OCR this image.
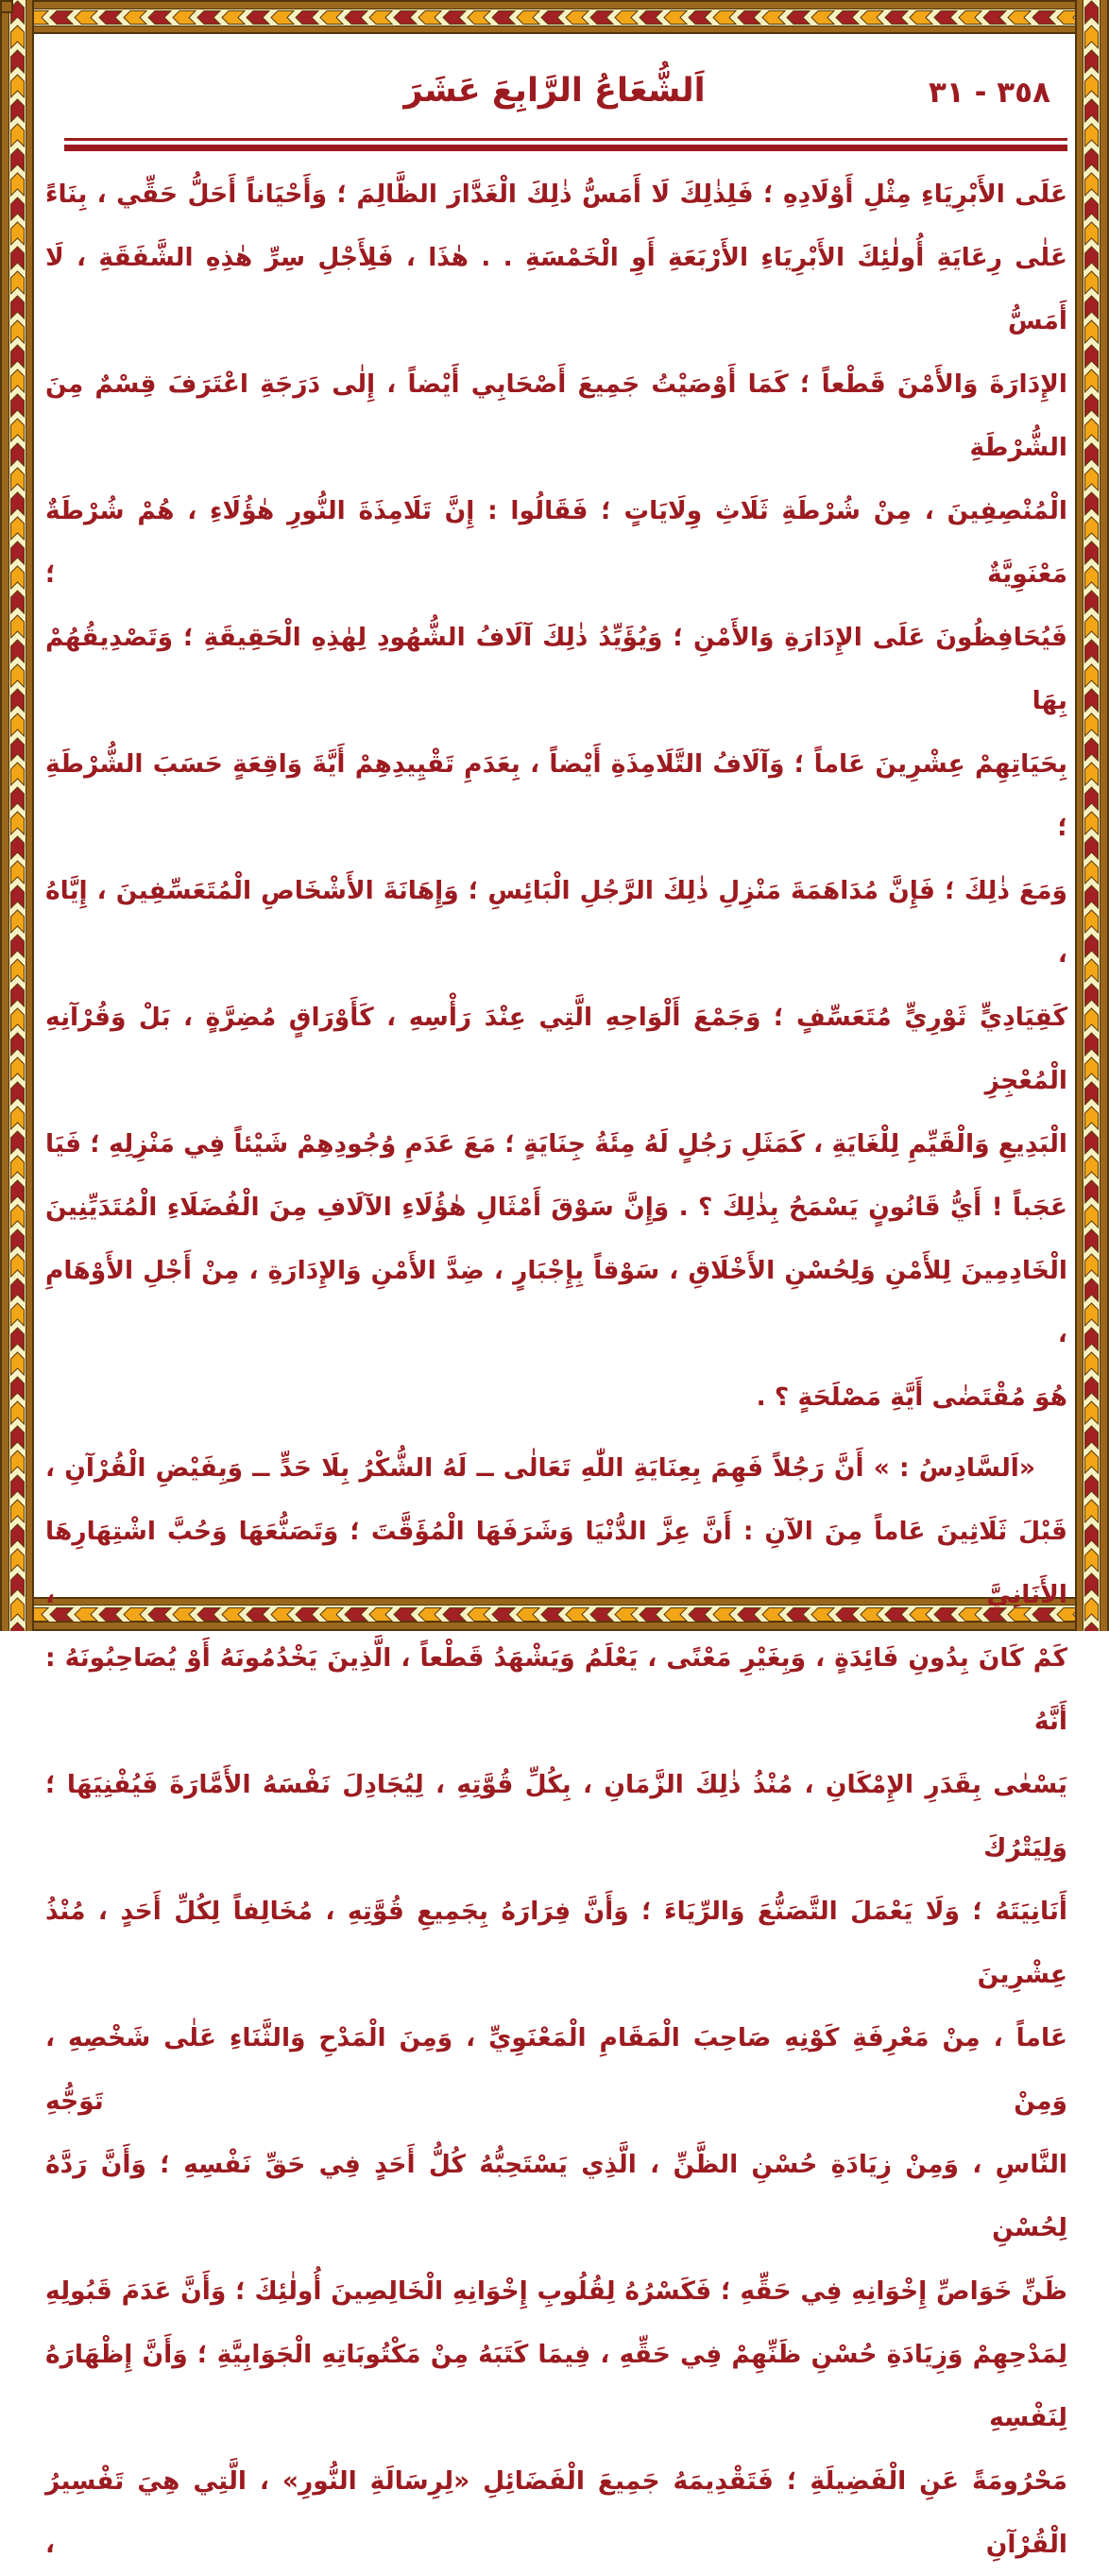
اَلشُّعَاعُ الرَّابِعَ عَشَرَ	٣٥٨ - ٣١
عَلَى الأَبْرِيَاءِ مِثْلِ أَوْلَادِهِ ؛ فَلِذٰلِكَ لَا أَمَسُّ ذٰلِكَ الْغَدَّارَ الظَّالِمَ ؛ وَأَحْيَاناً أَحَلُّ حَقِّي ، بِنَاءً
عَلٰى رِعَايَةِ أُولٰئِكَ الأَبْرِيَاءِ الأَرْبَعَةِ أَوِ الْخَمْسَةِ . . هٰذَا ، فَلِأَجْلِ سِرِّ هٰذِهِ الشَّفَقَةِ ، لَا أَمَسُّ
الإِدَارَةَ وَالأَمْنَ قَطْعاً ؛ كَمَا أَوْصَيْتُ جَمِيعَ أَصْحَابِي أَيْضاً ، إِلٰى دَرَجَةِ اعْتَرَفَ قِسْمٌ مِنَ الشُّرْطَةِ
الْمُنْصِفِينَ ، مِنْ شُرْطَةِ ثَلَاثِ وِلَايَاتٍ ؛ فَقَالُوا : إِنَّ تَلَامِذَةَ النُّورِ هٰؤُلَاءِ ، هُمْ شُرْطَةٌ مَعْنَوِيَّةٌ ؛
فَيُحَافِظُونَ عَلَى الإِدَارَةِ وَالأَمْنِ ؛ وَيُؤَيِّدُ ذٰلِكَ آلَافُ الشُّهُودِ لِهٰذِهِ الْحَقِيقَةِ ؛ وَتَصْدِيقُهُمْ بِهَا
بِحَيَاتِهِمْ عِشْرِينَ عَاماً ؛ وَآلَافُ التَّلَامِذَةِ أَيْضاً ، بِعَدَمِ تَقْيِيدِهِمْ أَيَّةَ وَاقِعَةٍ حَسَبَ الشُّرْطَةِ ؛
وَمَعَ ذٰلِكَ ؛ فَإِنَّ مُدَاهَمَةَ مَنْزِلِ ذٰلِكَ الرَّجُلِ الْبَائِسِ ؛ وَإِهَانَةَ الأَشْخَاصِ الْمُتَعَسِّفِينَ ، إِيَّاهُ ،
كَقِيَادِيٍّ ثَوْرِيٍّ مُتَعَسِّفٍ ؛ وَجَمْعَ أَلْوَاحِهِ الَّتِي عِنْدَ رَأْسِهِ ، كَأَوْرَاقٍ مُضِرَّةٍ ، بَلْ وَقُرْآنِهِ الْمُعْجِزِ
الْبَدِيعِ وَالْقَيِّمِ لِلْغَايَةِ ، كَمَثَلِ رَجُلٍ لَهُ مِئَةُ جِنَايَةٍ ؛ مَعَ عَدَمِ وُجُودِهِمْ شَيْئاً فِي مَنْزِلِهِ ؛ فَيَا
عَجَباً ! أَيُّ قَانُونٍ يَسْمَحُ بِذٰلِكَ ؟ . وَإِنَّ سَوْقَ أَمْثَالِ هٰؤُلَاءِ الآلَافِ مِنَ الْفُضَلَاءِ الْمُتَدَيِّنِينَ
الْخَادِمِينَ لِلأَمْنِ وَلِحُسْنِ الأَخْلَاقِ ، سَوْقاً بِإِجْبَارٍ ، ضِدَّ الأَمْنِ وَالإِدَارَةِ ، مِنْ أَجْلِ الأَوْهَامِ ،
هُوَ مُقْتَضٰى أَيَّةِ مَصْلَحَةٍ ؟ .
«اَلسَّادِسُ : » أَنَّ رَجُلاً فَهِمَ بِعِنَايَةِ اللّٰهِ تَعَالٰى ــ لَهُ الشُّكْرُ بِلَا حَدٍّ ــ وَبِفَيْضِ الْقُرْآنِ ،
قَبْلَ ثَلَاثِينَ عَاماً مِنَ الآنِ : أَنَّ عِزَّ الدُّنْيَا وَشَرَفَهَا الْمُؤَقَّتَ ؛ وَتَصَنُّعَهَا وَحُبَّ اشْتِهَارِهَا الأَنَانِيَّ ،
كَمْ كَانَ بِدُونِ فَائِدَةٍ ، وَبِغَيْرِ مَعْنًى ، يَعْلَمُ وَيَشْهَدُ قَطْعاً ، الَّذِينَ يَخْدُمُونَهُ أَوْ يُصَاحِبُونَهُ : أَنَّهُ
يَسْعٰى بِقَدَرِ الإِمْكَانِ ، مُنْذُ ذٰلِكَ الزَّمَانِ ، بِكُلِّ قُوَّتِهِ ، لِيُجَادِلَ نَفْسَهُ الأَمَّارَةَ فَيُفْنِيَهَا ؛ وَلِيَتْرُكَ
أَنَانِيَتَهُ ؛ وَلَا يَعْمَلَ التَّصَنُّعَ وَالرِّيَاءَ ؛ وَأَنَّ فِرَارَهُ بِجَمِيعِ قُوَّتِهِ ، مُخَالِفاً لِكُلِّ أَحَدٍ ، مُنْذُ عِشْرِينَ
عَاماً ، مِنْ مَعْرِفَةِ كَوْنِهِ صَاحِبَ الْمَقَامِ الْمَعْنَوِيِّ ، وَمِنَ الْمَدْحِ وَالثَّنَاءِ عَلٰى شَخْصِهِ ، وَمِنْ تَوَجُّهِ
النَّاسِ ، وَمِنْ زِيَادَةِ حُسْنِ الظَّنِّ ، الَّذِي يَسْتَحِبُّهُ كُلُّ أَحَدٍ فِي حَقِّ نَفْسِهِ ؛ وَأَنَّ رَدَّهُ لِحُسْنِ
ظَنِّ خَوَاصِّ إِخْوَانِهِ فِي حَقِّهِ ؛ فَكَسْرُهُ لِقُلُوبِ إِخْوَانِهِ الْخَالِصِينَ أُولٰئِكَ ؛ وَأَنَّ عَدَمَ قَبُولِهِ
لِمَدْحِهِمْ وَزِيَادَةِ حُسْنِ ظَنِّهِمْ فِي حَقِّهِ ، فِيمَا كَتَبَهُ مِنْ مَكْتُوبَاتِهِ الْجَوَابِيَّةِ ؛ وَأَنَّ إِظْهَارَهُ لِنَفْسِهِ
مَحْرُومَةً عَنِ الْفَضِيلَةِ ؛ فَتَقْدِيمَهُ جَمِيعَ الْفَضَائِلِ «لِرِسَالَةِ النُّورِ» ، الَّتِي هِيَ تَفْسِيرُ الْقُرْآنِ ،
